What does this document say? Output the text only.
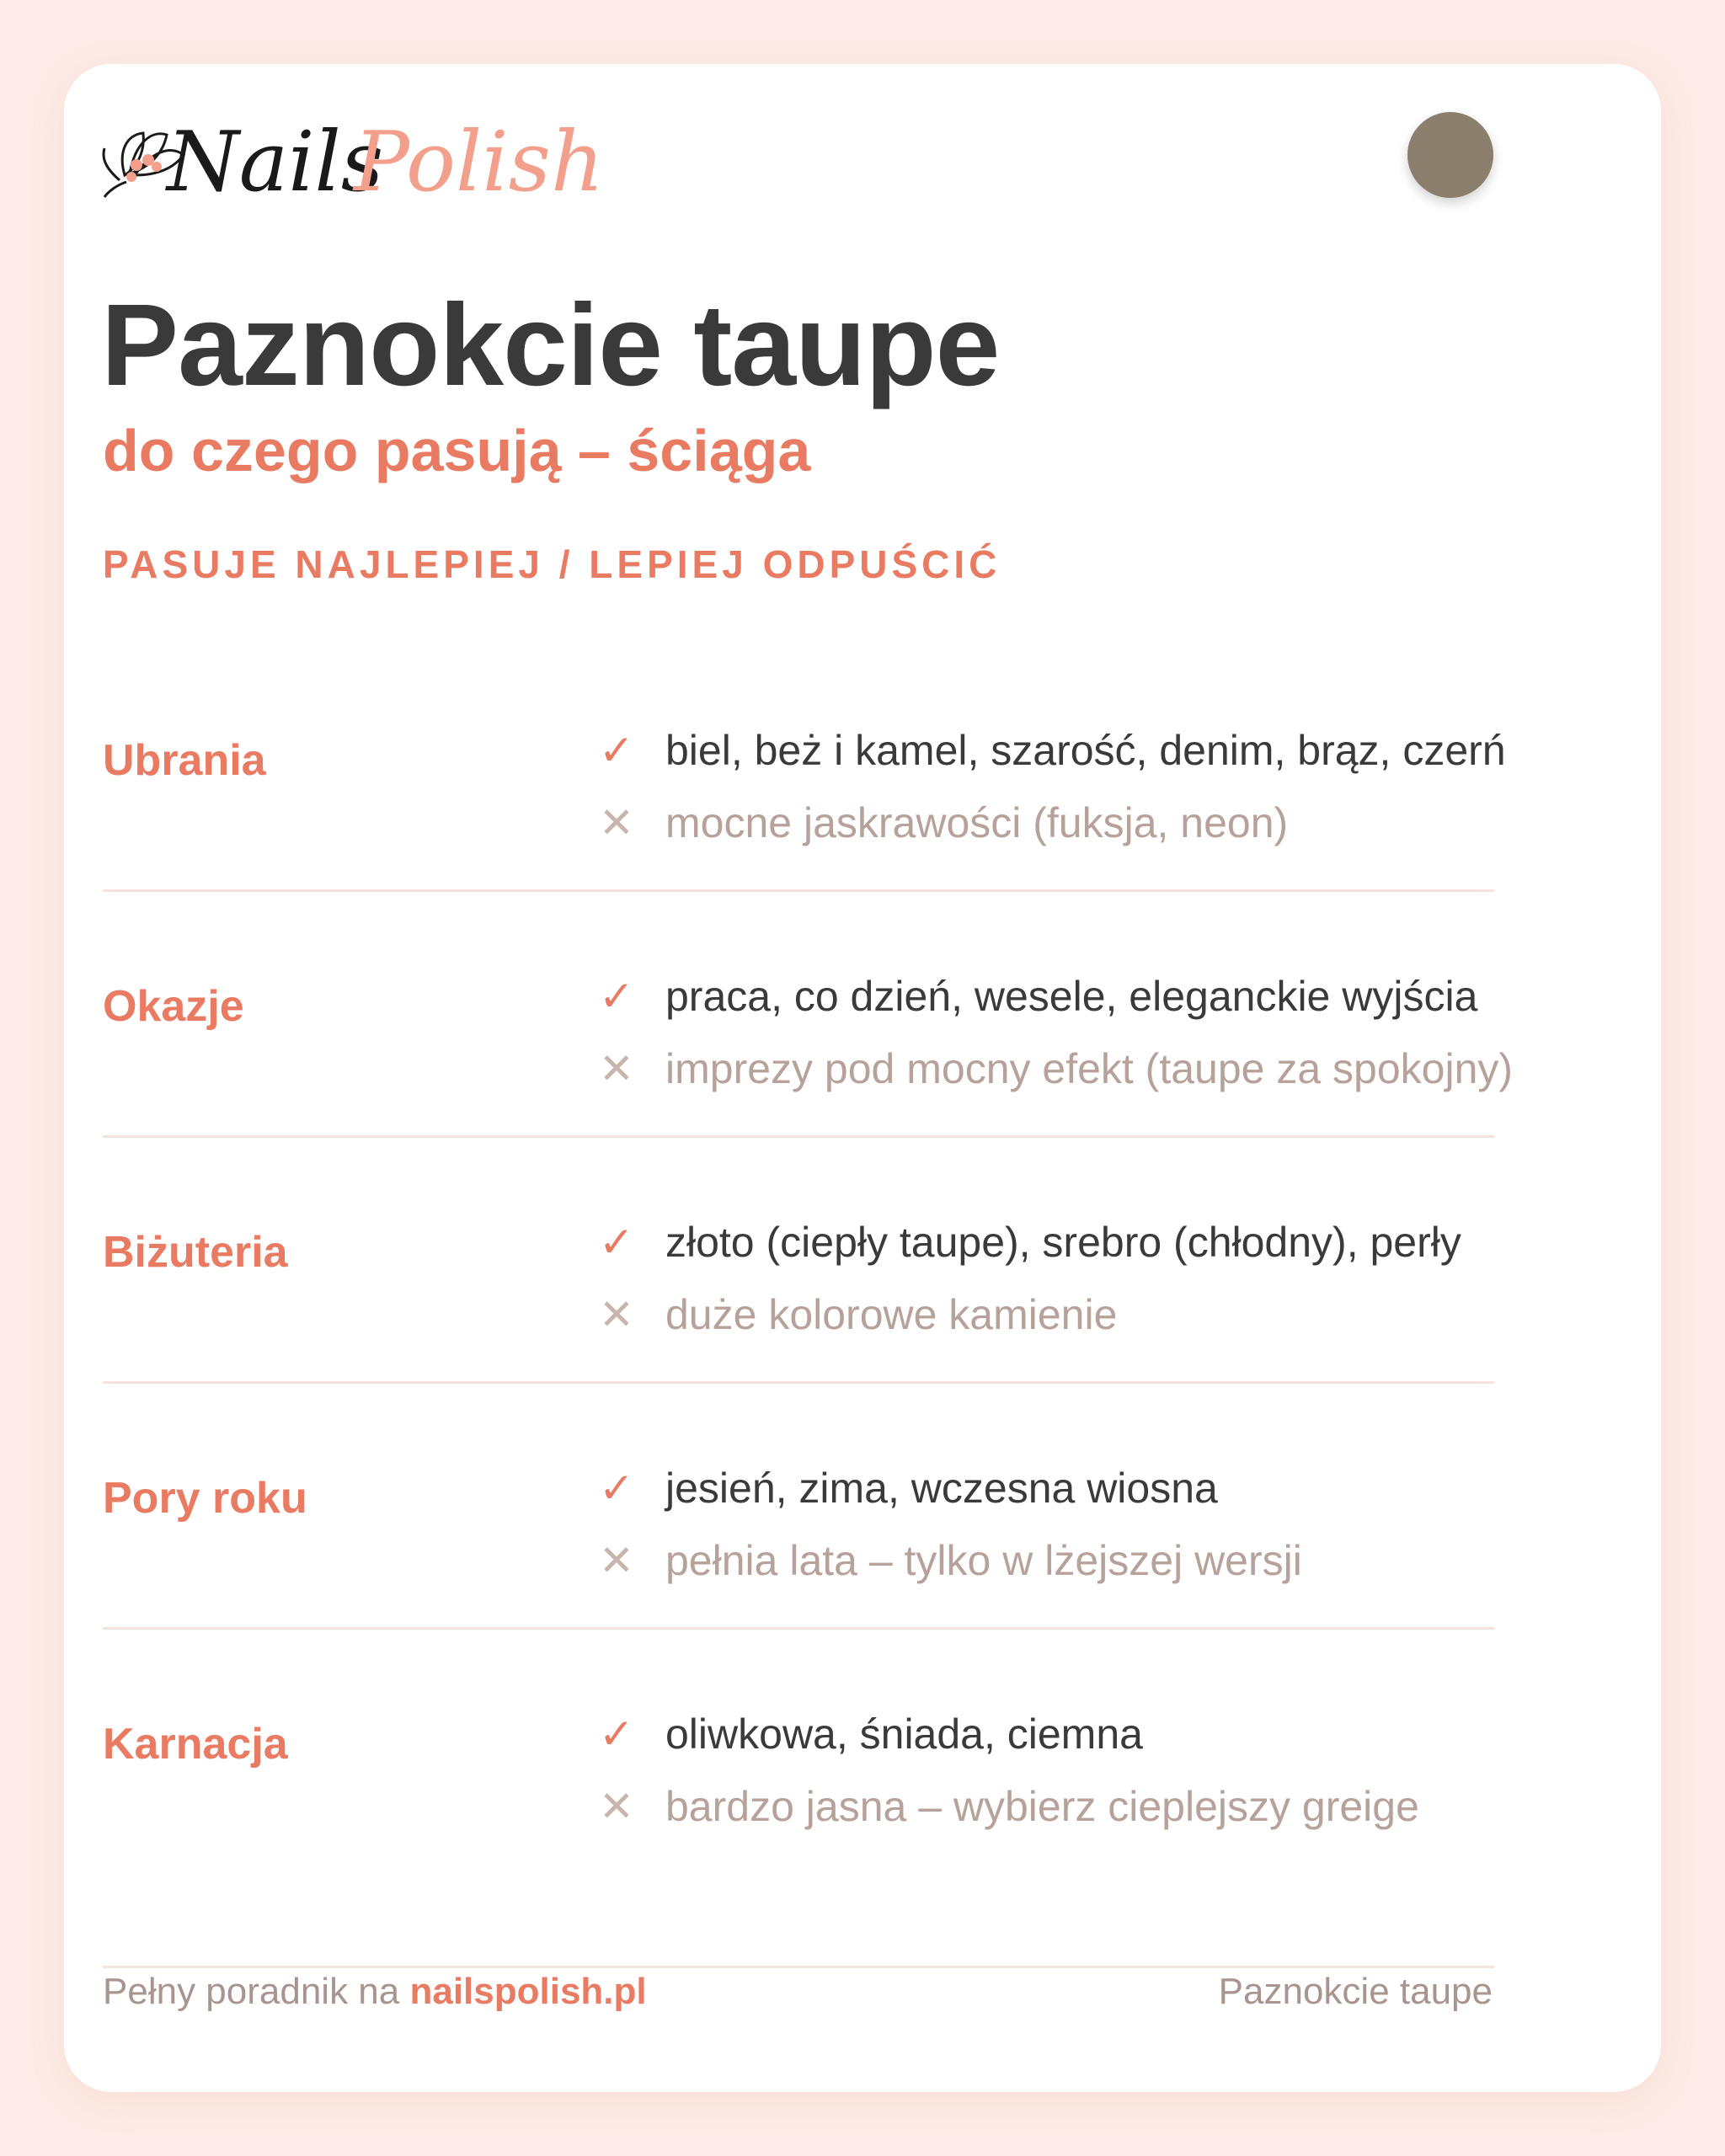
Nails
Polish
Paznokcie taupe
do czego pasują – ściąga
PASUJE NAJLEPIEJ / LEPIEJ ODPUŚCIĆ
Ubrania	✓ biel, beż i kamel, szarość, denim, brąz, czerń
✕ mocne jaskrawości (fuksja, neon)
Okazje	✓ praca, co dzień, wesele, eleganckie wyjścia
✕ imprezy pod mocny efekt (taupe za spokojny)
Biżuteria	✓ złoto (ciepły taupe), srebro (chłodny), perły
✕ duże kolorowe kamienie
Pory roku	✓ jesień, zima, wczesna wiosna
✕ pełnia lata – tylko w lżejszej wersji
Karnacja	✓ oliwkowa, śniada, ciemna
✕ bardzo jasna – wybierz cieplejszy greige
Pełny poradnik na nailspolish.pl	Paznokcie taupe
